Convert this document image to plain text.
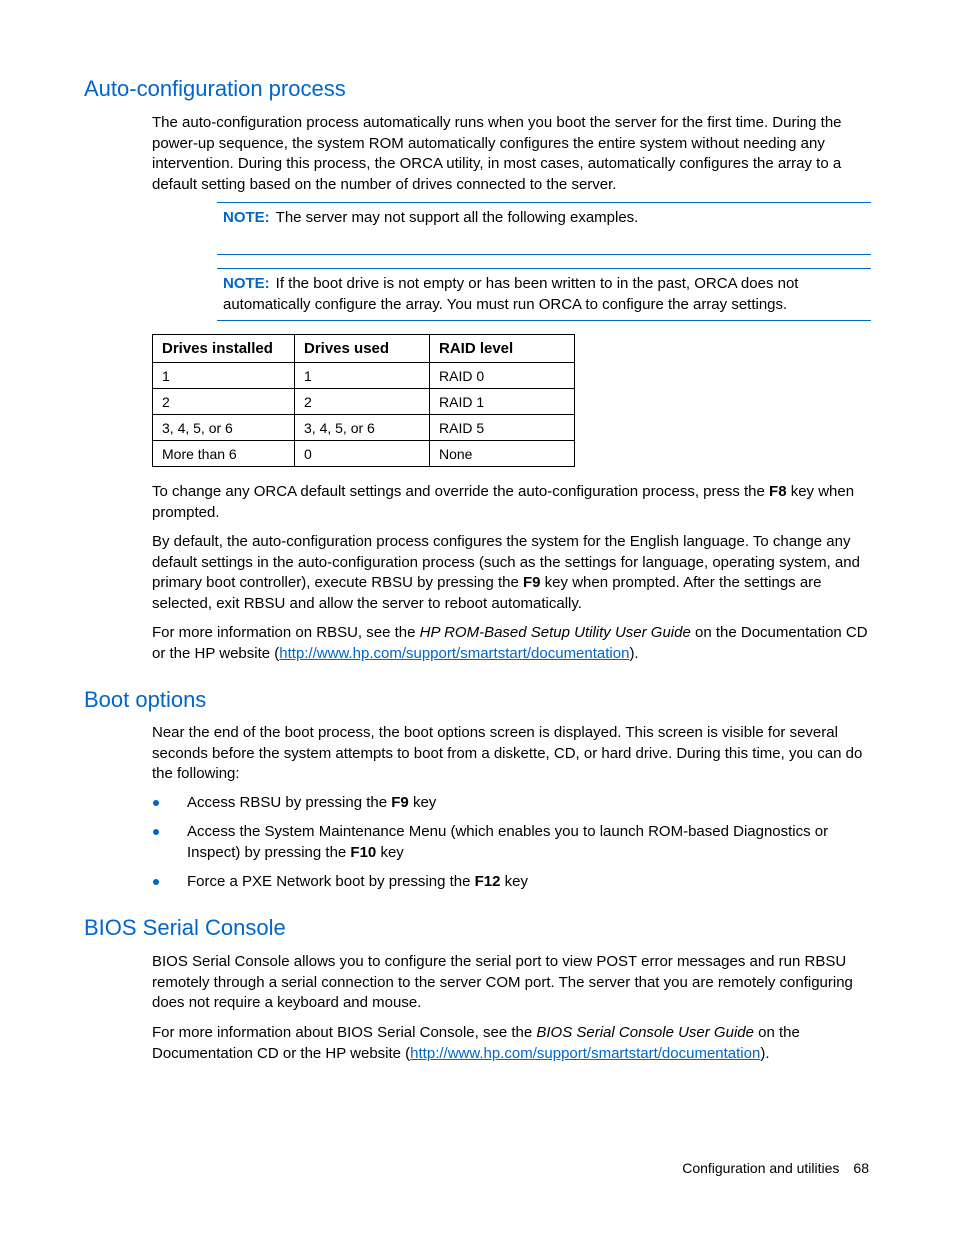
Auto-configuration process

The auto-configuration process automatically runs when you boot the server for the first time. During the power-up sequence, the system ROM automatically configures the entire system without needing any intervention. During this process, the ORCA utility, in most cases, automatically configures the array to a default setting based on the number of drives connected to the server.

NOTE: The server may not support all the following examples.
NOTE: If the boot drive is not empty or has been written to in the past, ORCA does not automatically configure the array. You must run ORCA to configure the array settings.
Drives installed	Drives used	RAID level
1	1	RAID 0
2	2	RAID 1
3, 4, 5, or 6	3, 4, 5, or 6	RAID 5
More than 6	0	None

To change any ORCA default settings and override the auto-configuration process, press the F8 key when prompted.

By default, the auto-configuration process configures the system for the English language. To change any default settings in the auto-configuration process (such as the settings for language, operating system, and primary boot controller), execute RBSU by pressing the F9 key when prompted. After the settings are selected, exit RBSU and allow the server to reboot automatically.

For more information on RBSU, see the HP ROM-Based Setup Utility User Guide on the Documentation CD or the HP website (http://www.hp.com/support/smartstart/documentation).

Boot options

Near the end of the boot process, the boot options screen is displayed. This screen is visible for several seconds before the system attempts to boot from a diskette, CD, or hard drive. During this time, you can do the following:

Access RBSU by pressing the F9 key
Access the System Maintenance Menu (which enables you to launch ROM-based Diagnostics or Inspect) by pressing the F10 key
Force a PXE Network boot by pressing the F12 key
BIOS Serial Console

BIOS Serial Console allows you to configure the serial port to view POST error messages and run RBSU remotely through a serial connection to the server COM port. The server that you are remotely configuring does not require a keyboard and mouse.

For more information about BIOS Serial Console, see the BIOS Serial Console User Guide on the Documentation CD or the HP website (http://www.hp.com/support/smartstart/documentation).

Configuration and utilities 68
